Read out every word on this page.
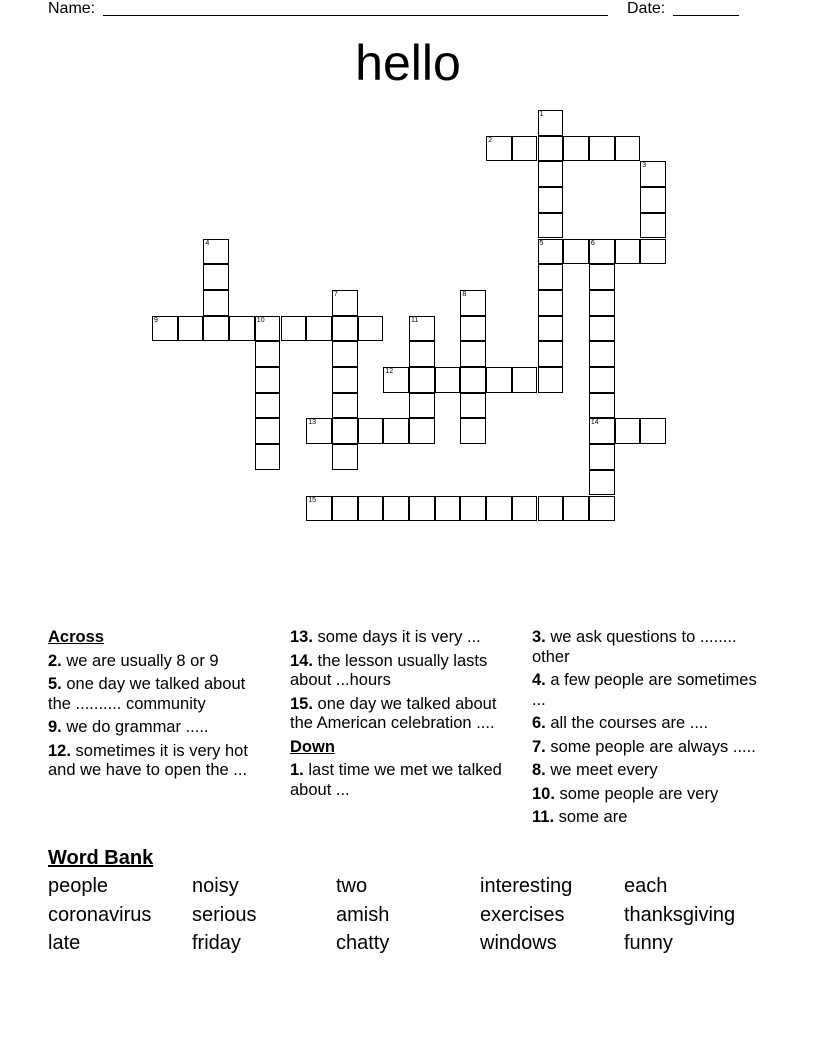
Name:	Date:
hello
1
5
2
3
4	6
14
7	8
9	10	11
12
13
15
Across
2. we are usually 8 or 9
5. one day we talked about the .......... community
9. we do grammar .....
12. sometimes it is very hot and we have to open the ...
13. some days it is very ...
14. the lesson usually lasts about ...hours
15. one day we talked about the American celebration ....
Down
1. last time we met we talked about ...
3. we ask questions to ........ other
4. a few people are sometimes ...
6. all the courses are ....
7. some people are always .....
8. we meet every
10. some people are very
11. some are
Word Bank
people	noisy	two	interesting	each
coronavirus serious	amish	exercises	thanksgiving
late	friday	chatty	windows	funny
